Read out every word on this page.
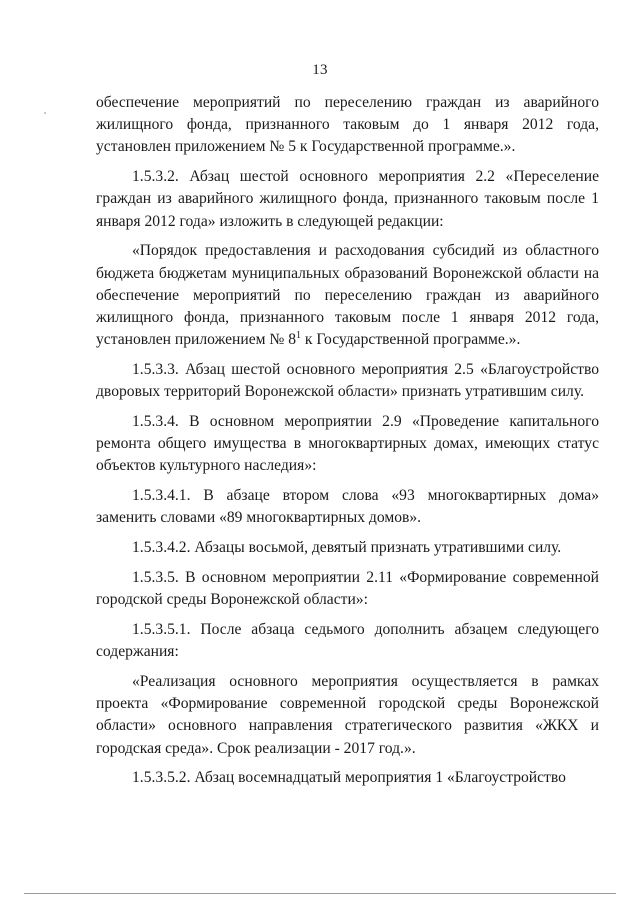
13

обеспечение мероприятий по переселению граждан из аварийного жилищного фонда, признанного таковым до 1 января 2012 года, установлен приложением № 5 к Государственной программе.».

1.5.3.2. Абзац шестой основного мероприятия 2.2 «Переселение граждан из аварийного жилищного фонда, признанного таковым после 1 января 2012 года» изложить в следующей редакции:

«Порядок предоставления и расходования субсидий из областного бюджета бюджетам муниципальных образований Воронежской области на обеспечение мероприятий по переселению граждан из аварийного жилищного фонда, признанного таковым после 1 января 2012 года, установлен приложением № $8^1$ к Государственной программе.».

1.5.3.3. Абзац шестой основного мероприятия 2.5 «Благоустройство дворовых территорий Воронежской области» признать утратившим силу.

1.5.3.4. В основном мероприятии 2.9 «Проведение капитального ремонта общего имущества в многоквартирных домах, имеющих статус объектов культурного наследия»:

1.5.3.4.1. В абзаце втором слова «93 многоквартирных дома» заменить словами «89 многоквартирных домов».

1.5.3.4.2. Абзацы восьмой, девятый признать утратившими силу.

1.5.3.5. В основном мероприятии 2.11 «Формирование современной городской среды Воронежской области»:

1.5.3.5.1. После абзаца седьмого дополнить абзацем следующего содержания:

«Реализация основного мероприятия осуществляется в рамках проекта «Формирование современной городской среды Воронежской области» основного направления стратегического развития «ЖКХ и городская среда». Срок реализации - 2017 год.».

1.5.3.5.2. Абзац восемнадцатый мероприятия 1 «Благоустройство
